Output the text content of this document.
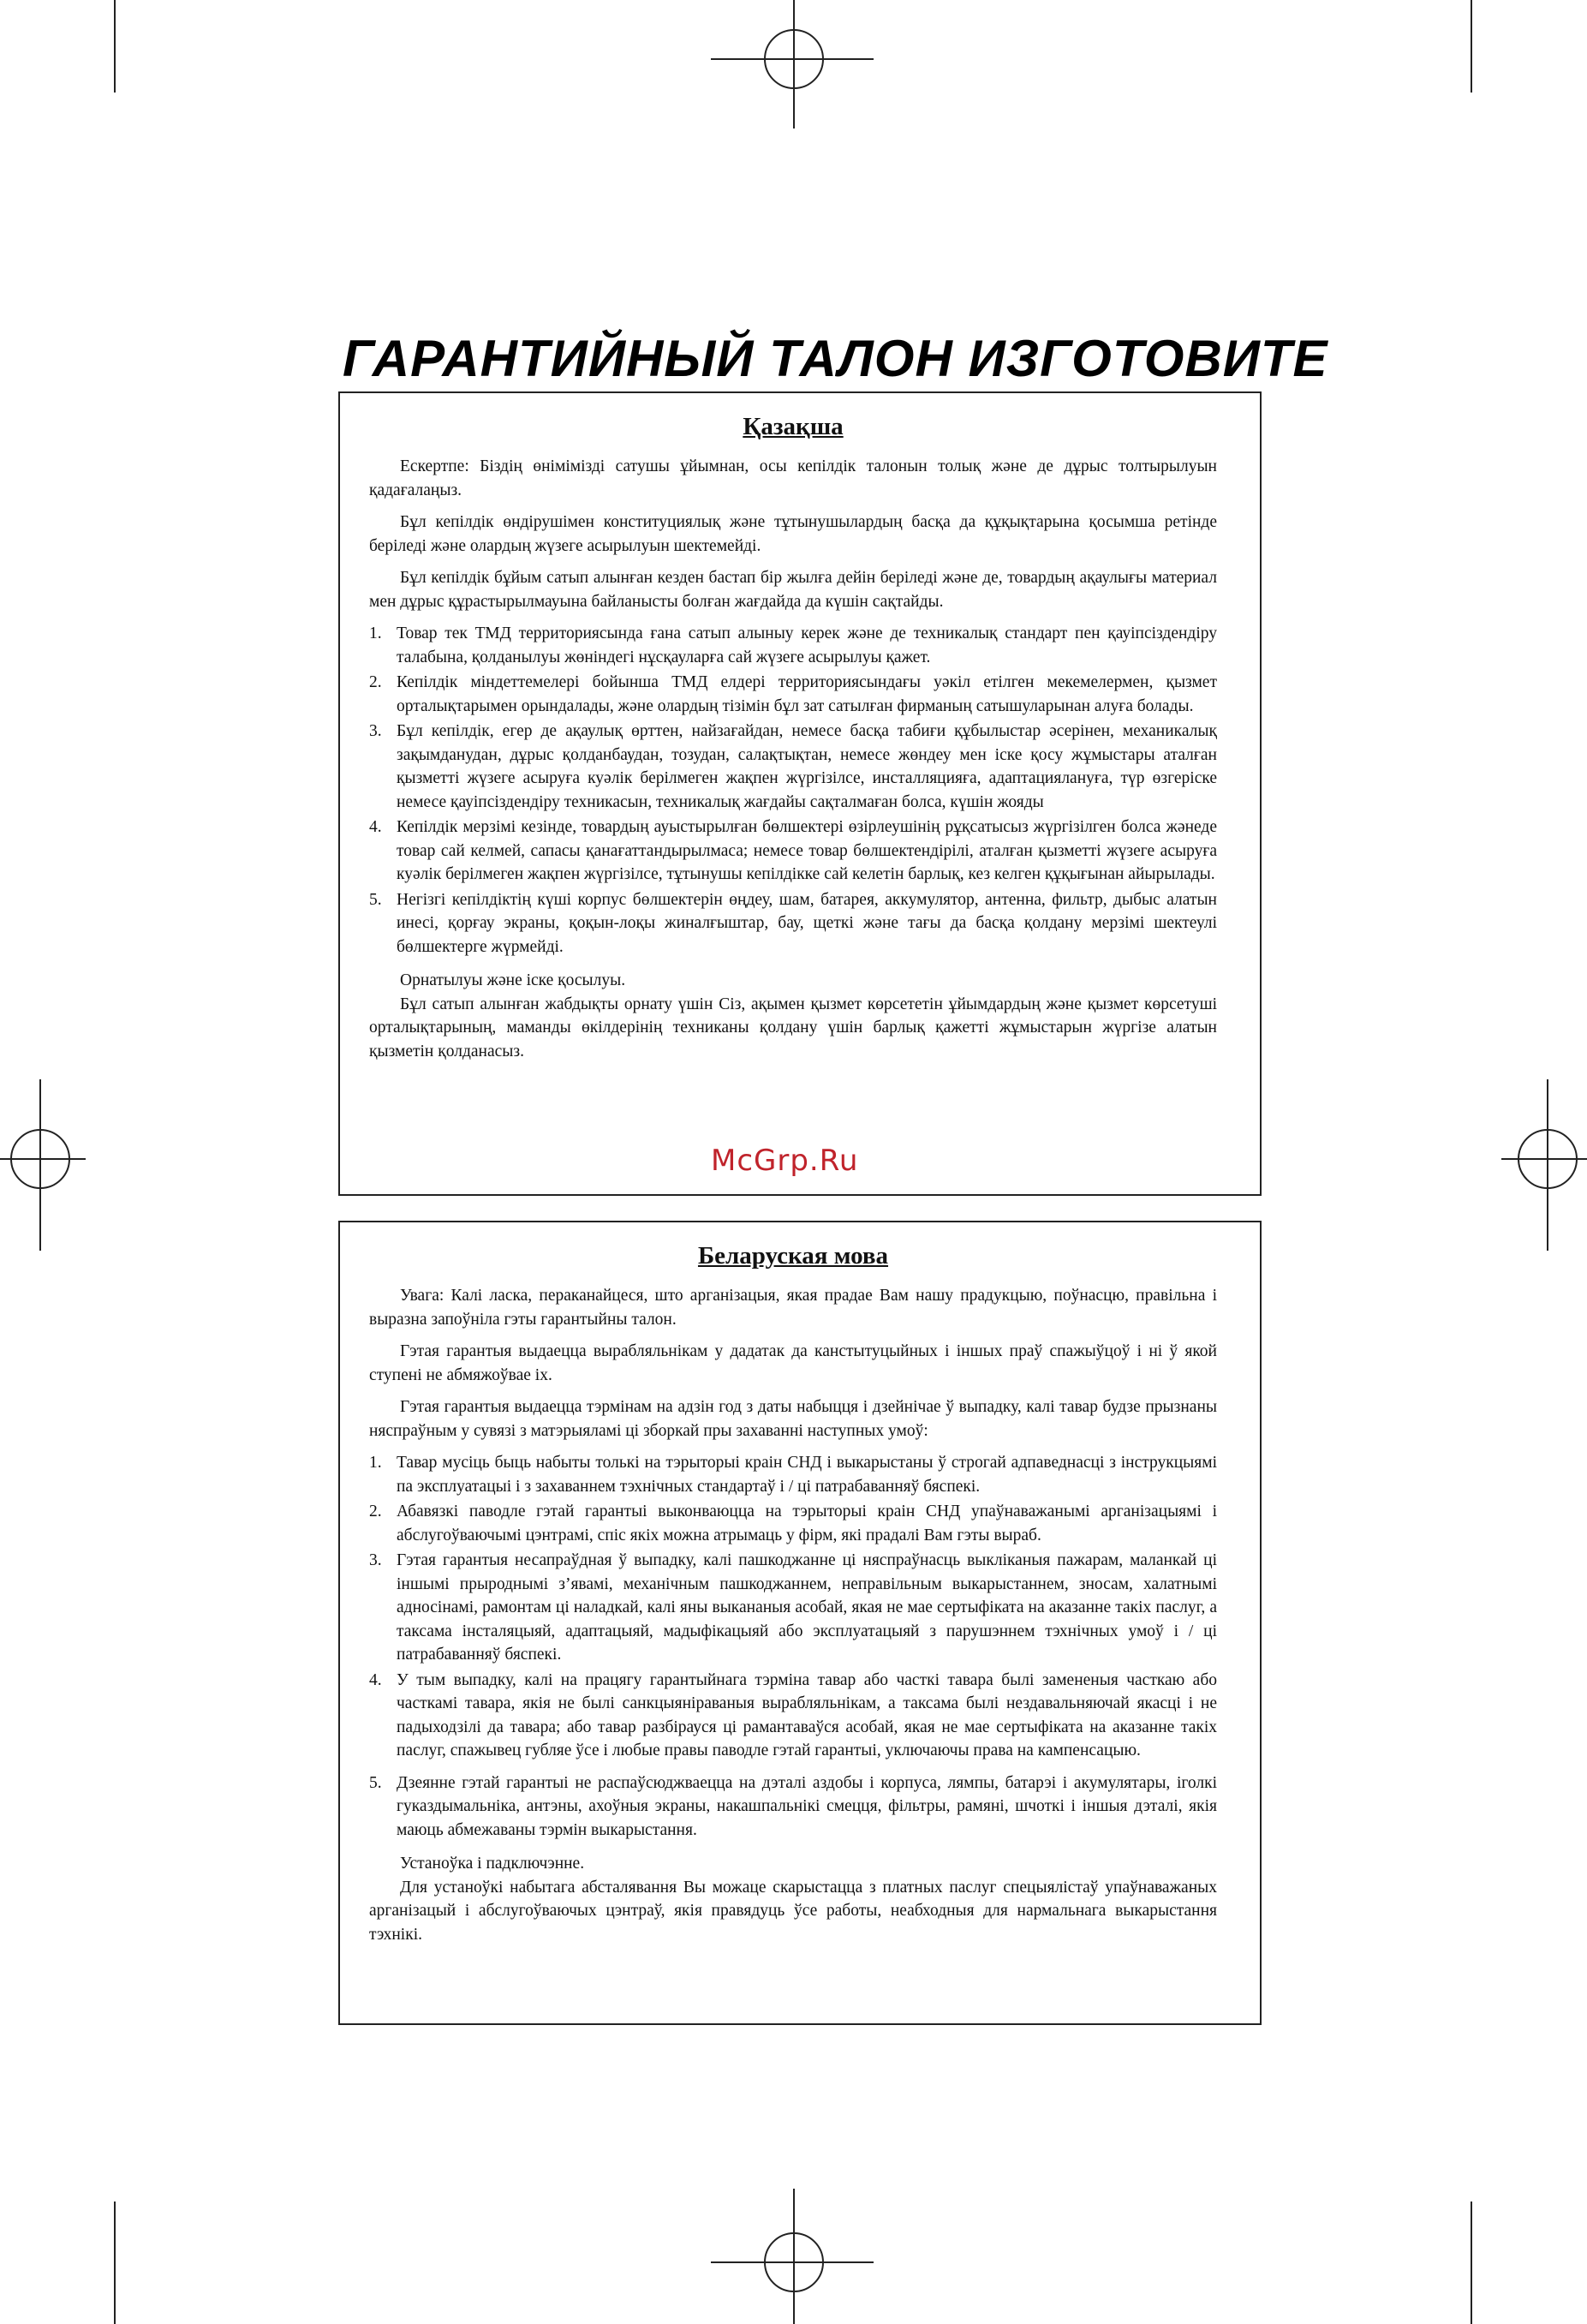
ГАРАНТИЙНЫЙ ТАЛОН ИЗГОТОВИТЕ
Қазақша

Ескертпе: Біздің өнімімізді сатушы ұйымнан, осы кепілдік талонын толық және де дұрыс толтырылуын қадағалаңыз.

Бұл кепілдік өндірушімен конституциялық және тұтынушылардың басқа да құқықтарына қосымша ретінде беріледі және олардың жүзеге асырылуын шектемейді.

Бұл кепілдік бұйым сатып алынған кезден бастап бір жылға дейін беріледі және де, товардың ақаулығы материал мен дұрыс құрастырылмауына байланысты болған жағдайда да күшін сақтайды.

1. Товар тек ТМД территориясында ғана сатып алыныу керек және де техникалық стандарт пен қауіпсіздендіру талабына, қолданылуы жөніндегі нұсқауларға сай жүзеге асырылуы қажет.
2. Кепілдік міндеттемелері бойынша ТМД елдері территориясындағы уәкіл етілген мекемелермен, қызмет орталықтарымен орындалады, және олардың тізімін бұл зат сатылған фирманың сатышуларынан алуға болады.
3. Бұл кепілдік, егер де ақаулық өрттен, найзағайдан, немесе басқа табиғи құбылыстар әсерінен, механикалық зақымданудан, дұрыс қолданбаудан, тозудан, салақтықтан, немесе жөндеу мен іске қосу жұмыстары аталған қызметті жүзеге асыруға куәлік берілмеген жақпен жүргізілсе, инсталляцияға, адаптациялануға, түр өзгеріске немесе қауіпсіздендіру техникасын, техникалық жағдайы сақталмаған болса, күшін жояды
4. Кепілдік мерзімі кезінде, товардың ауыстырылған бөлшектері өзірлеушінің рұқсатысыз жүргізілген болса жәнеде товар сай келмей, сапасы қанағаттандырылмаса; немесе товар бөлшектендірілі, аталған қызметті жүзеге асыруға куәлік берілмеген жақпен жүргізілсе, тұтынушы кепілдікке сай келетін барлық, кез келген құқығынан айырылады.
5. Негізгі кепілдіктің күші корпус бөлшектерін өңдеу, шам, батарея, аккумулятор, антенна, фильтр, дыбыс алатын инесі, қорғау экраны, қоқын-лоқы жиналғыштар, бау, щеткі және тағы да басқа қолдану мерзімі шектеулі бөлшектерге жүрмейді.

Орнатылуы және іске қосылуы.

Бұл сатып алынған жабдықты орнату үшін Сіз, ақымен қызмет көрсететін ұйымдардың және қызмет көрсетуші орталықтарының, маманды өкілдерінің техниканы қолдану үшін барлық қажетті жұмыстарын жүргізе алатын қызметін қолданасыз.

McGrp.Ru
Беларуская мова

Увага: Калі ласка, пераканайцеся, што арганізацыя, якая прадае Вам нашу прадукцыю, поўнасцю, правільна і выразна запоўніла гэты гарантыйны талон.

Гэтая гарантыя выдаецца вырабляльнікам у дадатак да канстытуцыйных і іншых праў спажыўцоў і ні ў якой ступені не абмяжоўвае іх.

Гэтая гарантыя выдаецца тэрмінам на адзін год з даты набыцця і дзейнічае ў выпадку, калі тавар будзе прызнаны няспраўным у сувязі з матэрыяламі ці зборкай пры захаванні наступных умоў:

1. Тавар мусіць быць набыты толькі на тэрыторыі краін СНД і выкарыстаны ў строгай адпаведнасці з інструкцыямі па эксплуатацыі і з захаваннем тэхнічных стандартаў і / ці патрабаванняў бяспекі.
2. Абавязкі паводле гэтай гарантыі выконваюцца на тэрыторыі краін СНД упаўнаважанымі арганізацыямі і абслугоўваючымі цэнтрамі, спіс якіх можна атрымаць у фірм, які прадалі Вам гэты выраб.
3. Гэтая гарантыя несапраўдная ў выпадку, калі пашкоджанне ці няспраўнасць выкліканыя пажарам, маланкай ці іншымі прыроднымі з’явамі, механічным пашкоджаннем, неправільным выкарыстаннем, зносам, халатнымі адносінамі, рамонтам ці наладкай, калі яны выкананыя асобай, якая не мае сертыфіката на аказанне такіх паслуг, а таксама інсталяцыяй, адаптацыяй, мадыфікацыяй або эксплуатацыяй з парушэннем тэхнічных умоў і / ці патрабаванняў бяспекі.
4. У тым выпадку, калі на працягу гарантыйнага тэрміна тавар або часткі тавара былі замененыя часткаю або часткамі тавара, якія не былі санкцыяніраваныя вырабляльнікам, а таксама былі нездавальняючай якасці і не падыходзілі да тавара; або тавар разбірауся ці рамантаваўся асобай, якая не мае сертыфіката на аказанне такіх паслуг, спажывец губляе ўсе і любые правы паводле гэтай гарантыі, уключаючы права на кампенсацыю.
5. Дзеянне гэтай гарантыі не распаўсюджваецца на дэталі аздобы і корпуса, лямпы, батарэі і акумулятары, іголкі гуказдымальніка, антэны, ахоўныя экраны, накашпальнікі смецця, фільтры, рамяні, шчоткі і іншыя дэталі, якія маюць абмежаваны тэрмін выкарыстання.

Устаноўка і падключэнне.

Для устаноўкі набытага абсталявання Вы можаце скарыстацца з платных паслуг спецыялістаў упаўнаважаных арганізацый і абслугоўваючых цэнтраў, якія правядуць ўсе работы, неабходныя для нармальнага выкарыстання тэхнікі.
